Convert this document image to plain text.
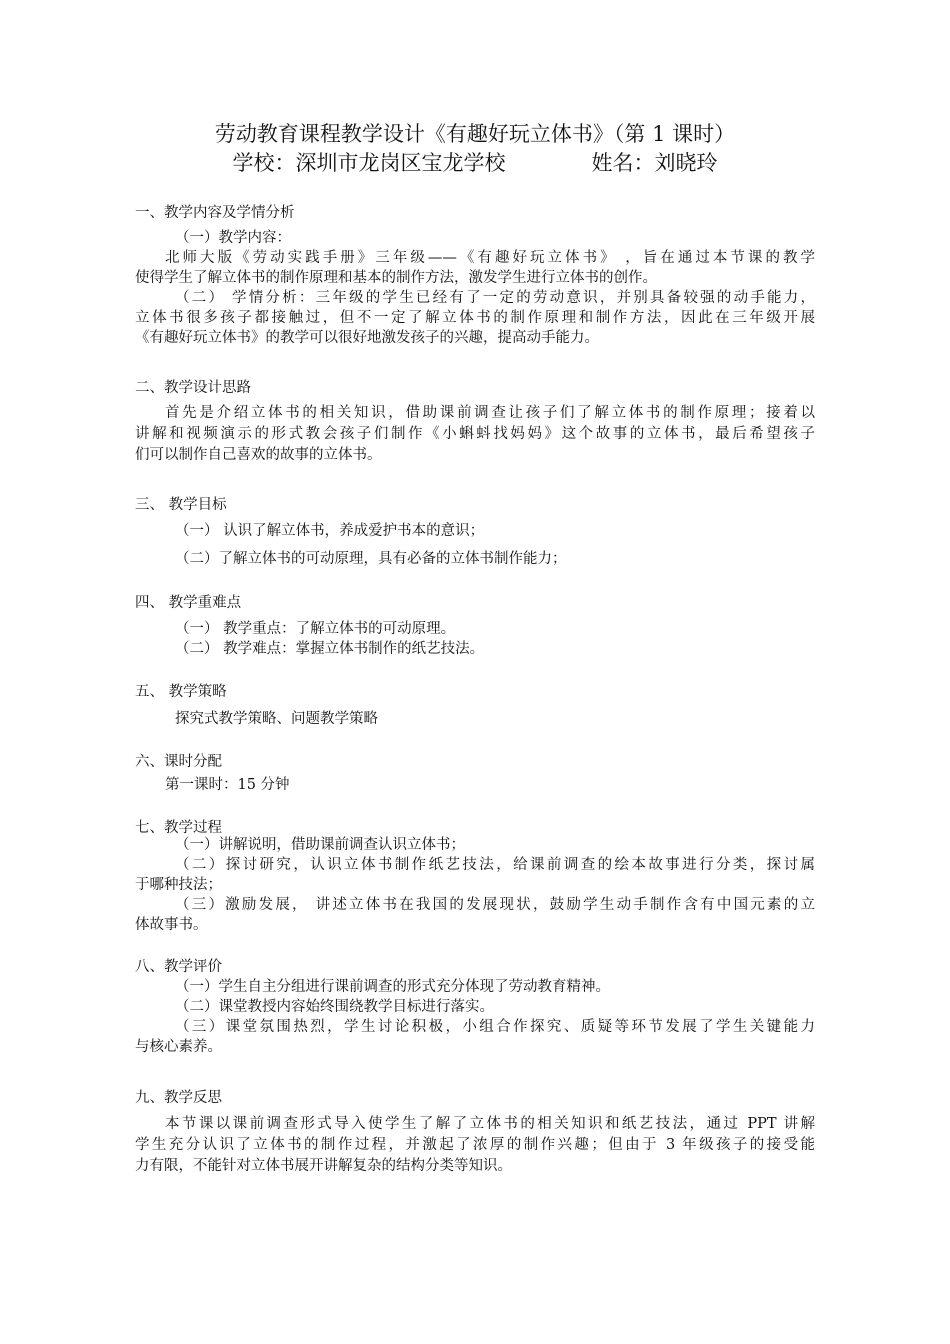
劳动教育课程教学设计《有趣好玩立体书》（第 1 课时）
学校：深圳市龙岗区宝龙学校	姓名：刘晓玲
一、教学内容及学情分析
（一）教学内容：
北师大版《劳动实践手册》三年级——《有趣好玩立体书》 ，旨在通过本节课的教学
使得学生了解立体书的制作原理和基本的制作方法，激发学生进行立体书的创作。
（二） 学情分析：三年级的学生已经有了一定的劳动意识，并别具备较强的动手能力，
立体书很多孩子都接触过，但不一定了解立体书的制作原理和制作方法，因此在三年级开展
《有趣好玩立体书》的教学可以很好地激发孩子的兴趣，提高动手能力。
二、教学设计思路
首先是介绍立体书的相关知识，借助课前调查让孩子们了解立体书的制作原理；接着以
讲解和视频演示的形式教会孩子们制作《小蝌蚪找妈妈》这个故事的立体书，最后希望孩子
们可以制作自己喜欢的故事的立体书。
三、 教学目标
（一） 认识了解立体书，养成爱护书本的意识；
（二）了解立体书的可动原理，具有必备的立体书制作能力；
四、 教学重难点
（一） 教学重点：了解立体书的可动原理。
（二） 教学难点：掌握立体书制作的纸艺技法。
五、 教学策略
探究式教学策略、问题教学策略
六、课时分配
第一课时：15 分钟
七、教学过程
（一）讲解说明，借助课前调查认识立体书；
（二）探讨研究，认识立体书制作纸艺技法，给课前调查的绘本故事进行分类，探讨属
于哪种技法；
（三）激励发展， 讲述立体书在我国的发展现状，鼓励学生动手制作含有中国元素的立
体故事书。
八、教学评价
（一）学生自主分组进行课前调查的形式充分体现了劳动教育精神。
（二）课堂教授内容始终围绕教学目标进行落实。
（三）课堂氛围热烈，学生讨论积极，小组合作探究、质疑等环节发展了学生关键能力
与核心素养。
九、教学反思
本节课以课前调查形式导入使学生了解了立体书的相关知识和纸艺技法，通过 PPT 讲解
学生充分认识了立体书的制作过程，并激起了浓厚的制作兴趣；但由于 3 年级孩子的接受能
力有限，不能针对立体书展开讲解复杂的结构分类等知识。
